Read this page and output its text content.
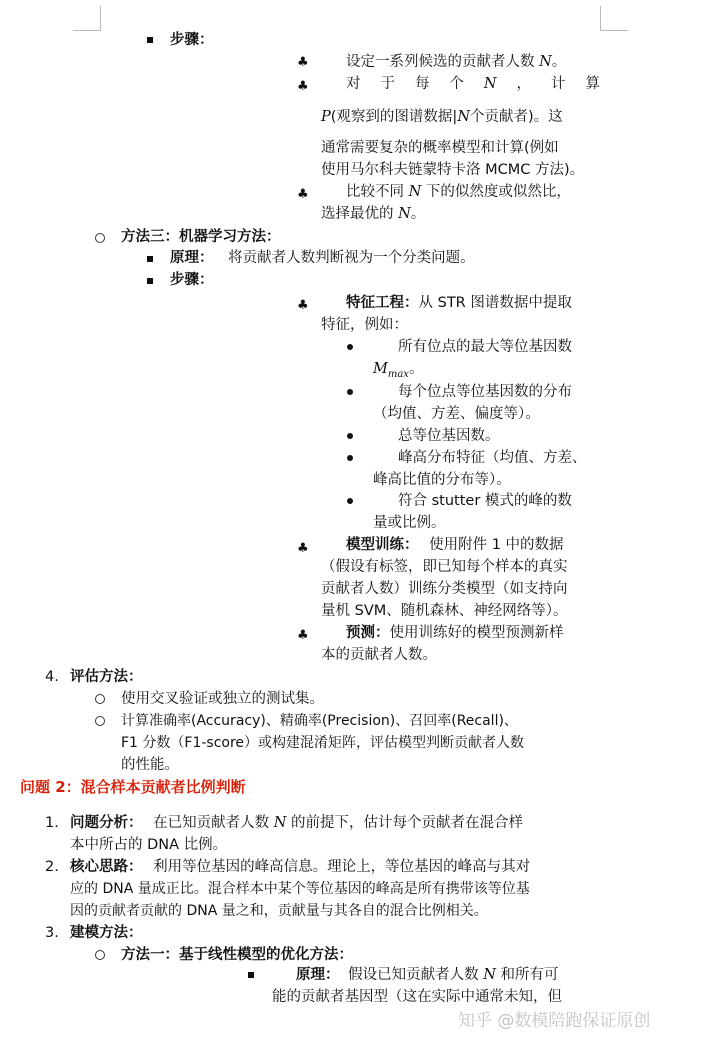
步骤：
♣	设定一系列候选的贡献者人数 N。
♣	对 于 每 个 N ， 计 算
P(观察到的图谱数据|N个贡献者)。这
通常需要复杂的概率模型和计算(例如
使用马尔科夫链蒙特卡洛 MCMC 方法)。
♣	比较不同 N 下的似然度或似然比，
选择最优的 N。
方法三：机器学习方法：
原理： 将贡献者人数判断视为一个分类问题。
步骤：
♣	特征工程：从 STR 图谱数据中提取
特征，例如：
所有位点的最大等位基因数
$M_{max}$。
每个位点等位基因数的分布
（均值、方差、偏度等）。
总等位基因数。
峰高分布特征（均值、方差、
峰高比值的分布等）。
符合 stutter 模式的峰的数
量或比例。
♣	模型训练： 使用附件 1 中的数据
（假设有标签，即已知每个样本的真实
贡献者人数）训练分类模型（如支持向
量机 SVM、随机森林、神经网络等）。
♣	预测：使用训练好的模型预测新样
本的贡献者人数。
4. 评估方法：
使用交叉验证或独立的测试集。
计算准确率(Accuracy)、精确率(Precision)、召回率(Recall)、
F1 分数（F1-score）或构建混淆矩阵，评估模型判断贡献者人数
的性能。
问题 2：混合样本贡献者比例判断
1. 问题分析： 在已知贡献者人数 N 的前提下，估计每个贡献者在混合样
本中所占的 DNA 比例。
2. 核心思路： 利用等位基因的峰高信息。理论上，等位基因的峰高与其对
应的 DNA 量成正比。混合样本中某个等位基因的峰高是所有携带该等位基
因的贡献者贡献的 DNA 量之和，贡献量与其各自的混合比例相关。
3. 建模方法：
方法一：基于线性模型的优化方法：
原理： 假设已知贡献者人数 N 和所有可
能的贡献者基因型（这在实际中通常未知，但
知乎 @数模陪跑保证原创
